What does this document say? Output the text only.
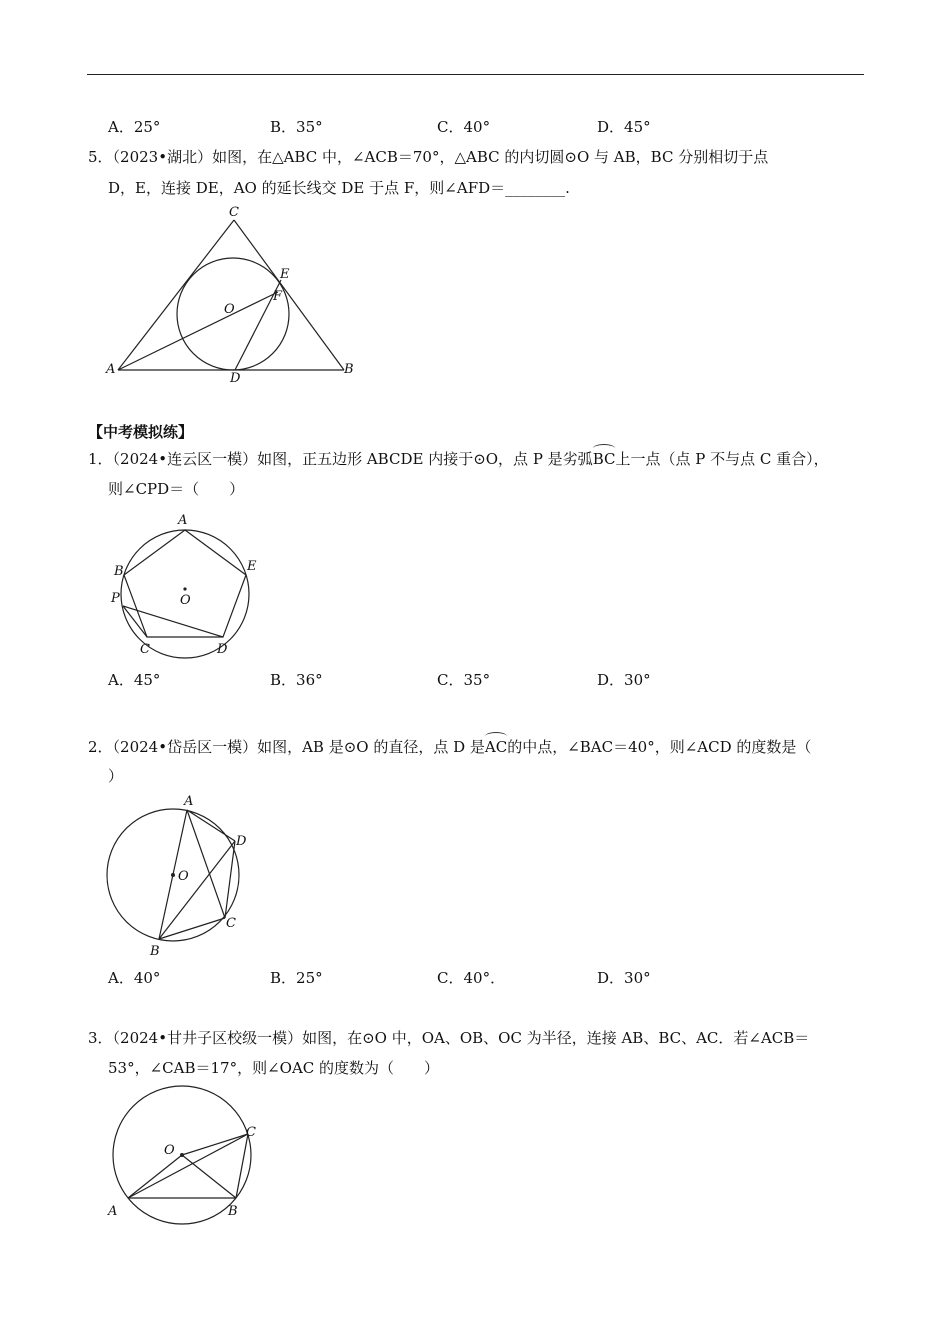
A．25°	B．35°	C．40°	D．45°
5．（2023•湖北）如图，在△ABC 中，∠ACB＝70°，△ABC 的内切圆⊙O 与 AB，BC 分别相切于点
D，E，连接 DE，AO 的延长线交 DE 于点 F，则∠AFD＝________.
C
E
F
O
A
D
B
【中考模拟练】
1．（2024•连云区一模）如图，正五边形 ABCDE 内接于⊙O，点 P 是劣弧BC上一点（点 P 不与点 C 重合），
则∠CPD＝（　　）
A
B	E
P	O
C	D
A．45°	B．36°	C．35°	D．30°
2．（2024•岱岳区一模）如图，AB 是⊙O 的直径，点 D 是AC的中点，∠BAC＝40°，则∠ACD 的度数是（
）
A
D
O
C
B
A．40°	B．25°	C．40°．	D．30°
3．（2024•甘井子区校级一模）如图，在⊙O 中，OA、OB、OC 为半径，连接 AB、BC、AC．若∠ACB＝
53°，∠CAB＝17°，则∠OAC 的度数为（　　）
O
C
A	B
